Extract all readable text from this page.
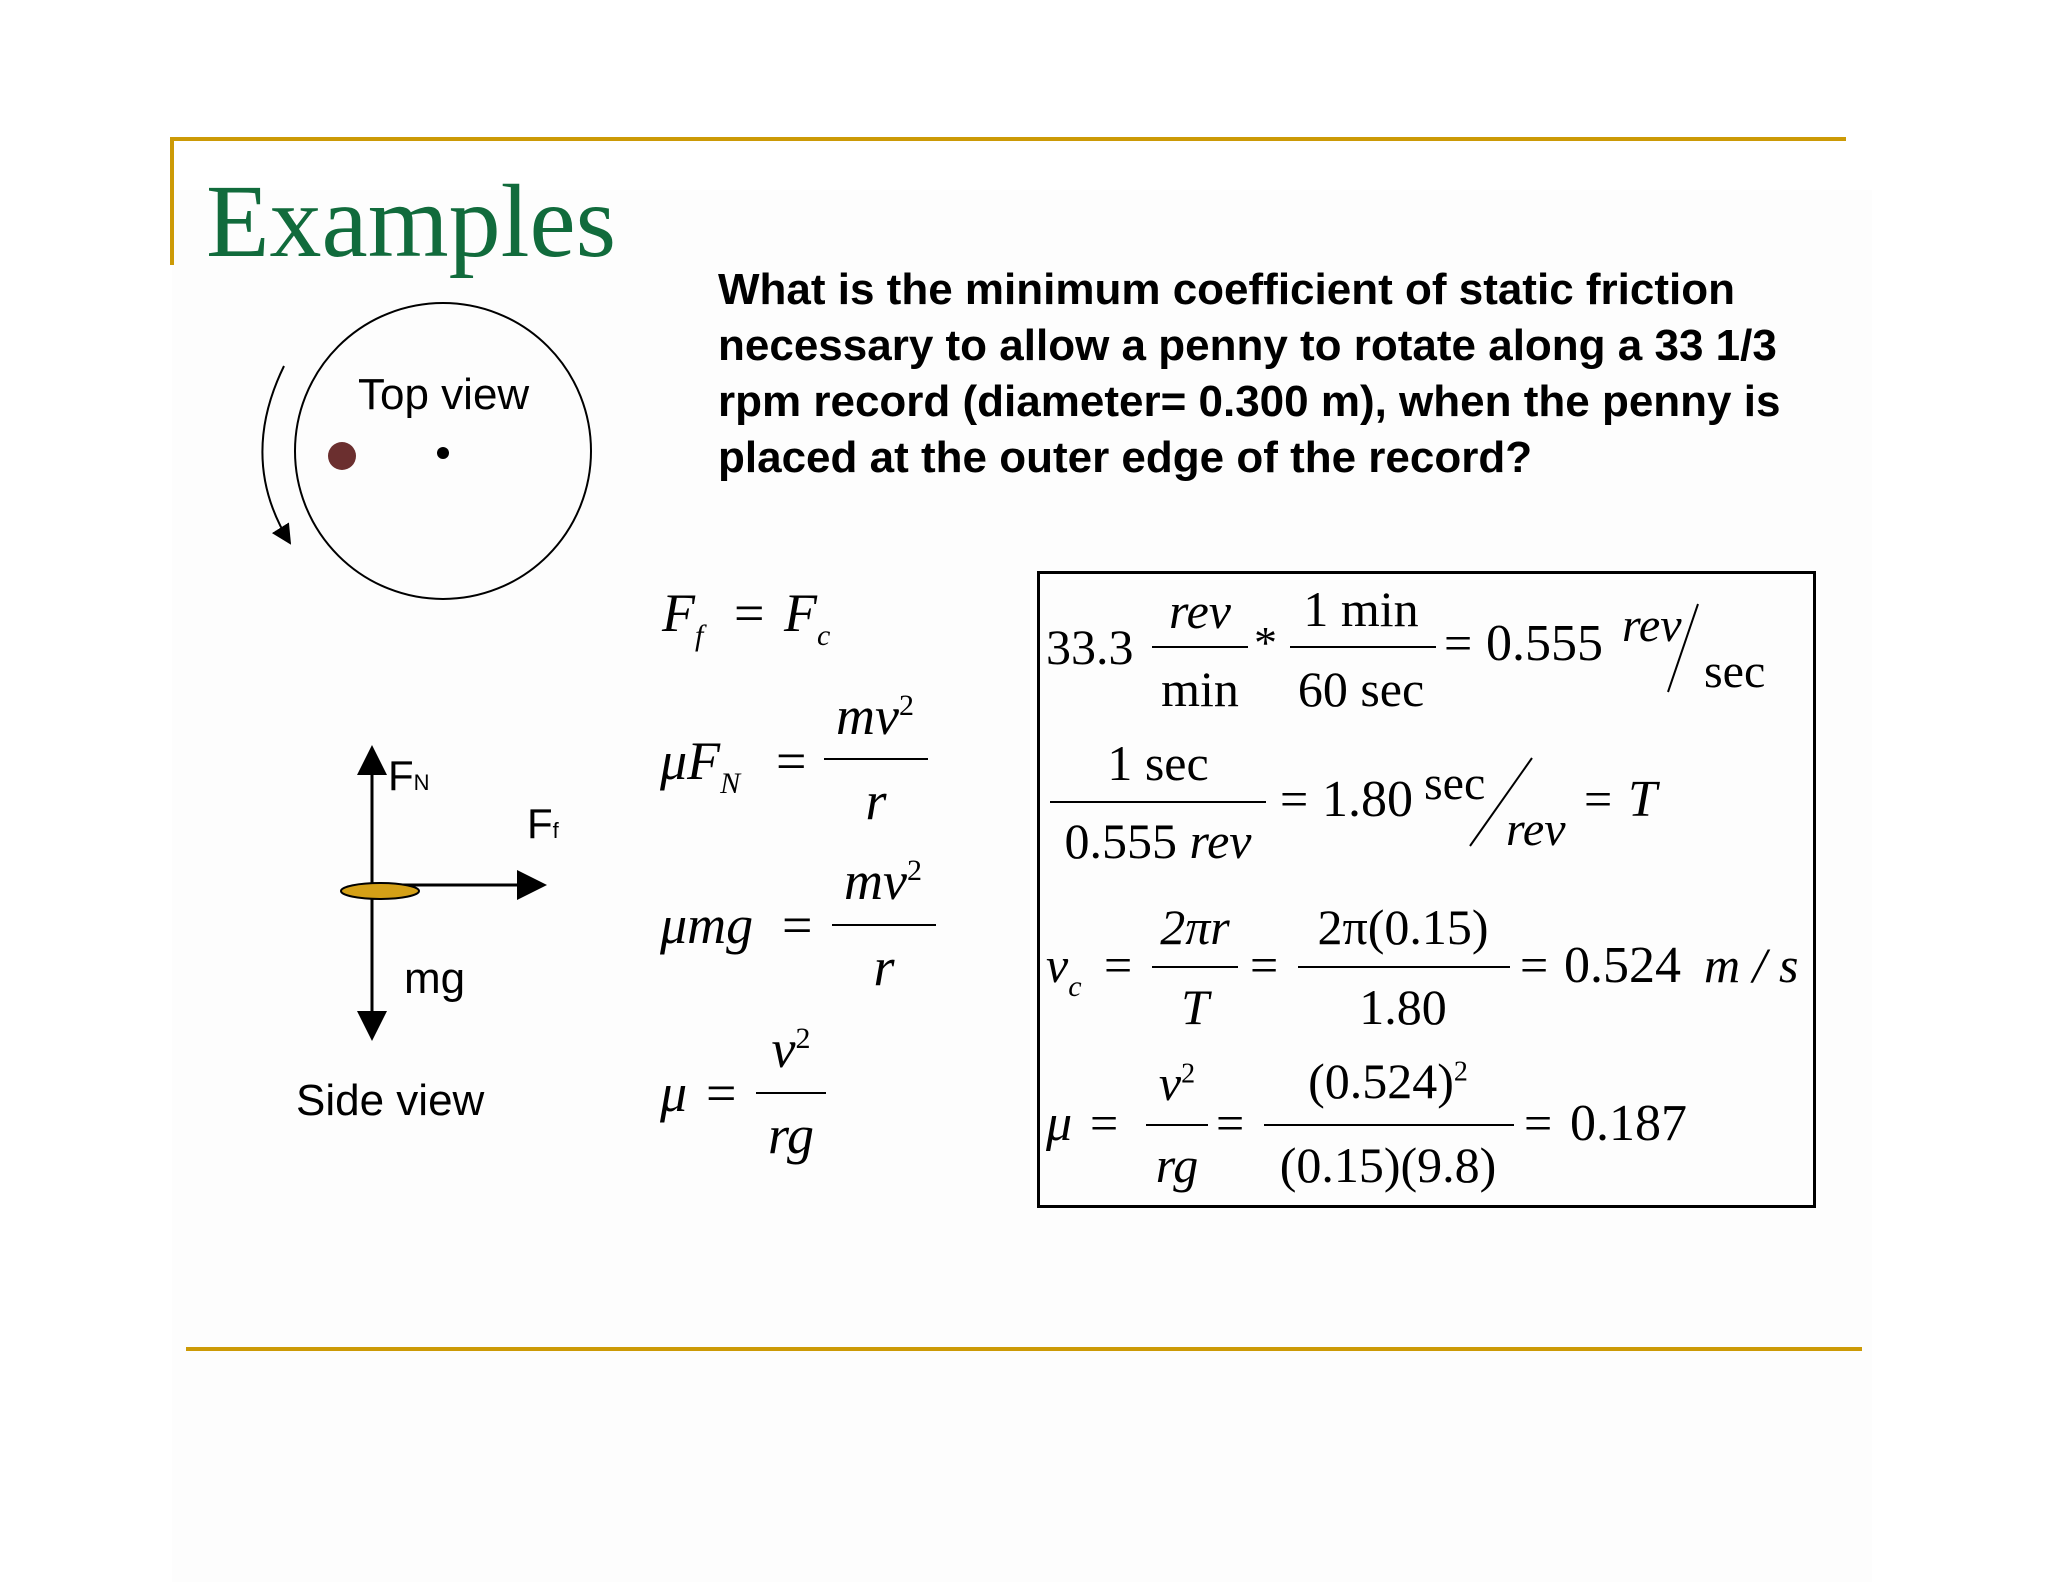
Examples
What is the minimum coefficient of static friction necessary to allow a penny to rotate along a 33 1/3 rpm record (diameter= 0.300 m), when the penny is placed at the outer edge of the record?
Top view
FN
Ff
mg
Side view
$F_f = F_c$
$\mu F_N$ =
$mv^2$
r
μmg =
$mv^2$
r
μ =
$v^2$
rg
33.3
rev
min
*
1 min
60 sec
= 0.555 rev
sec
1 sec
0.555 rev
= 1.80 sec
rev
= T
$v_c$ =
2πr
T
=
2π(0.15)
1.80
= 0.524 m / s
μ =
$v^2$
rg
=
$(0.524)^2$
(0.15)(9.8)
= 0.187
